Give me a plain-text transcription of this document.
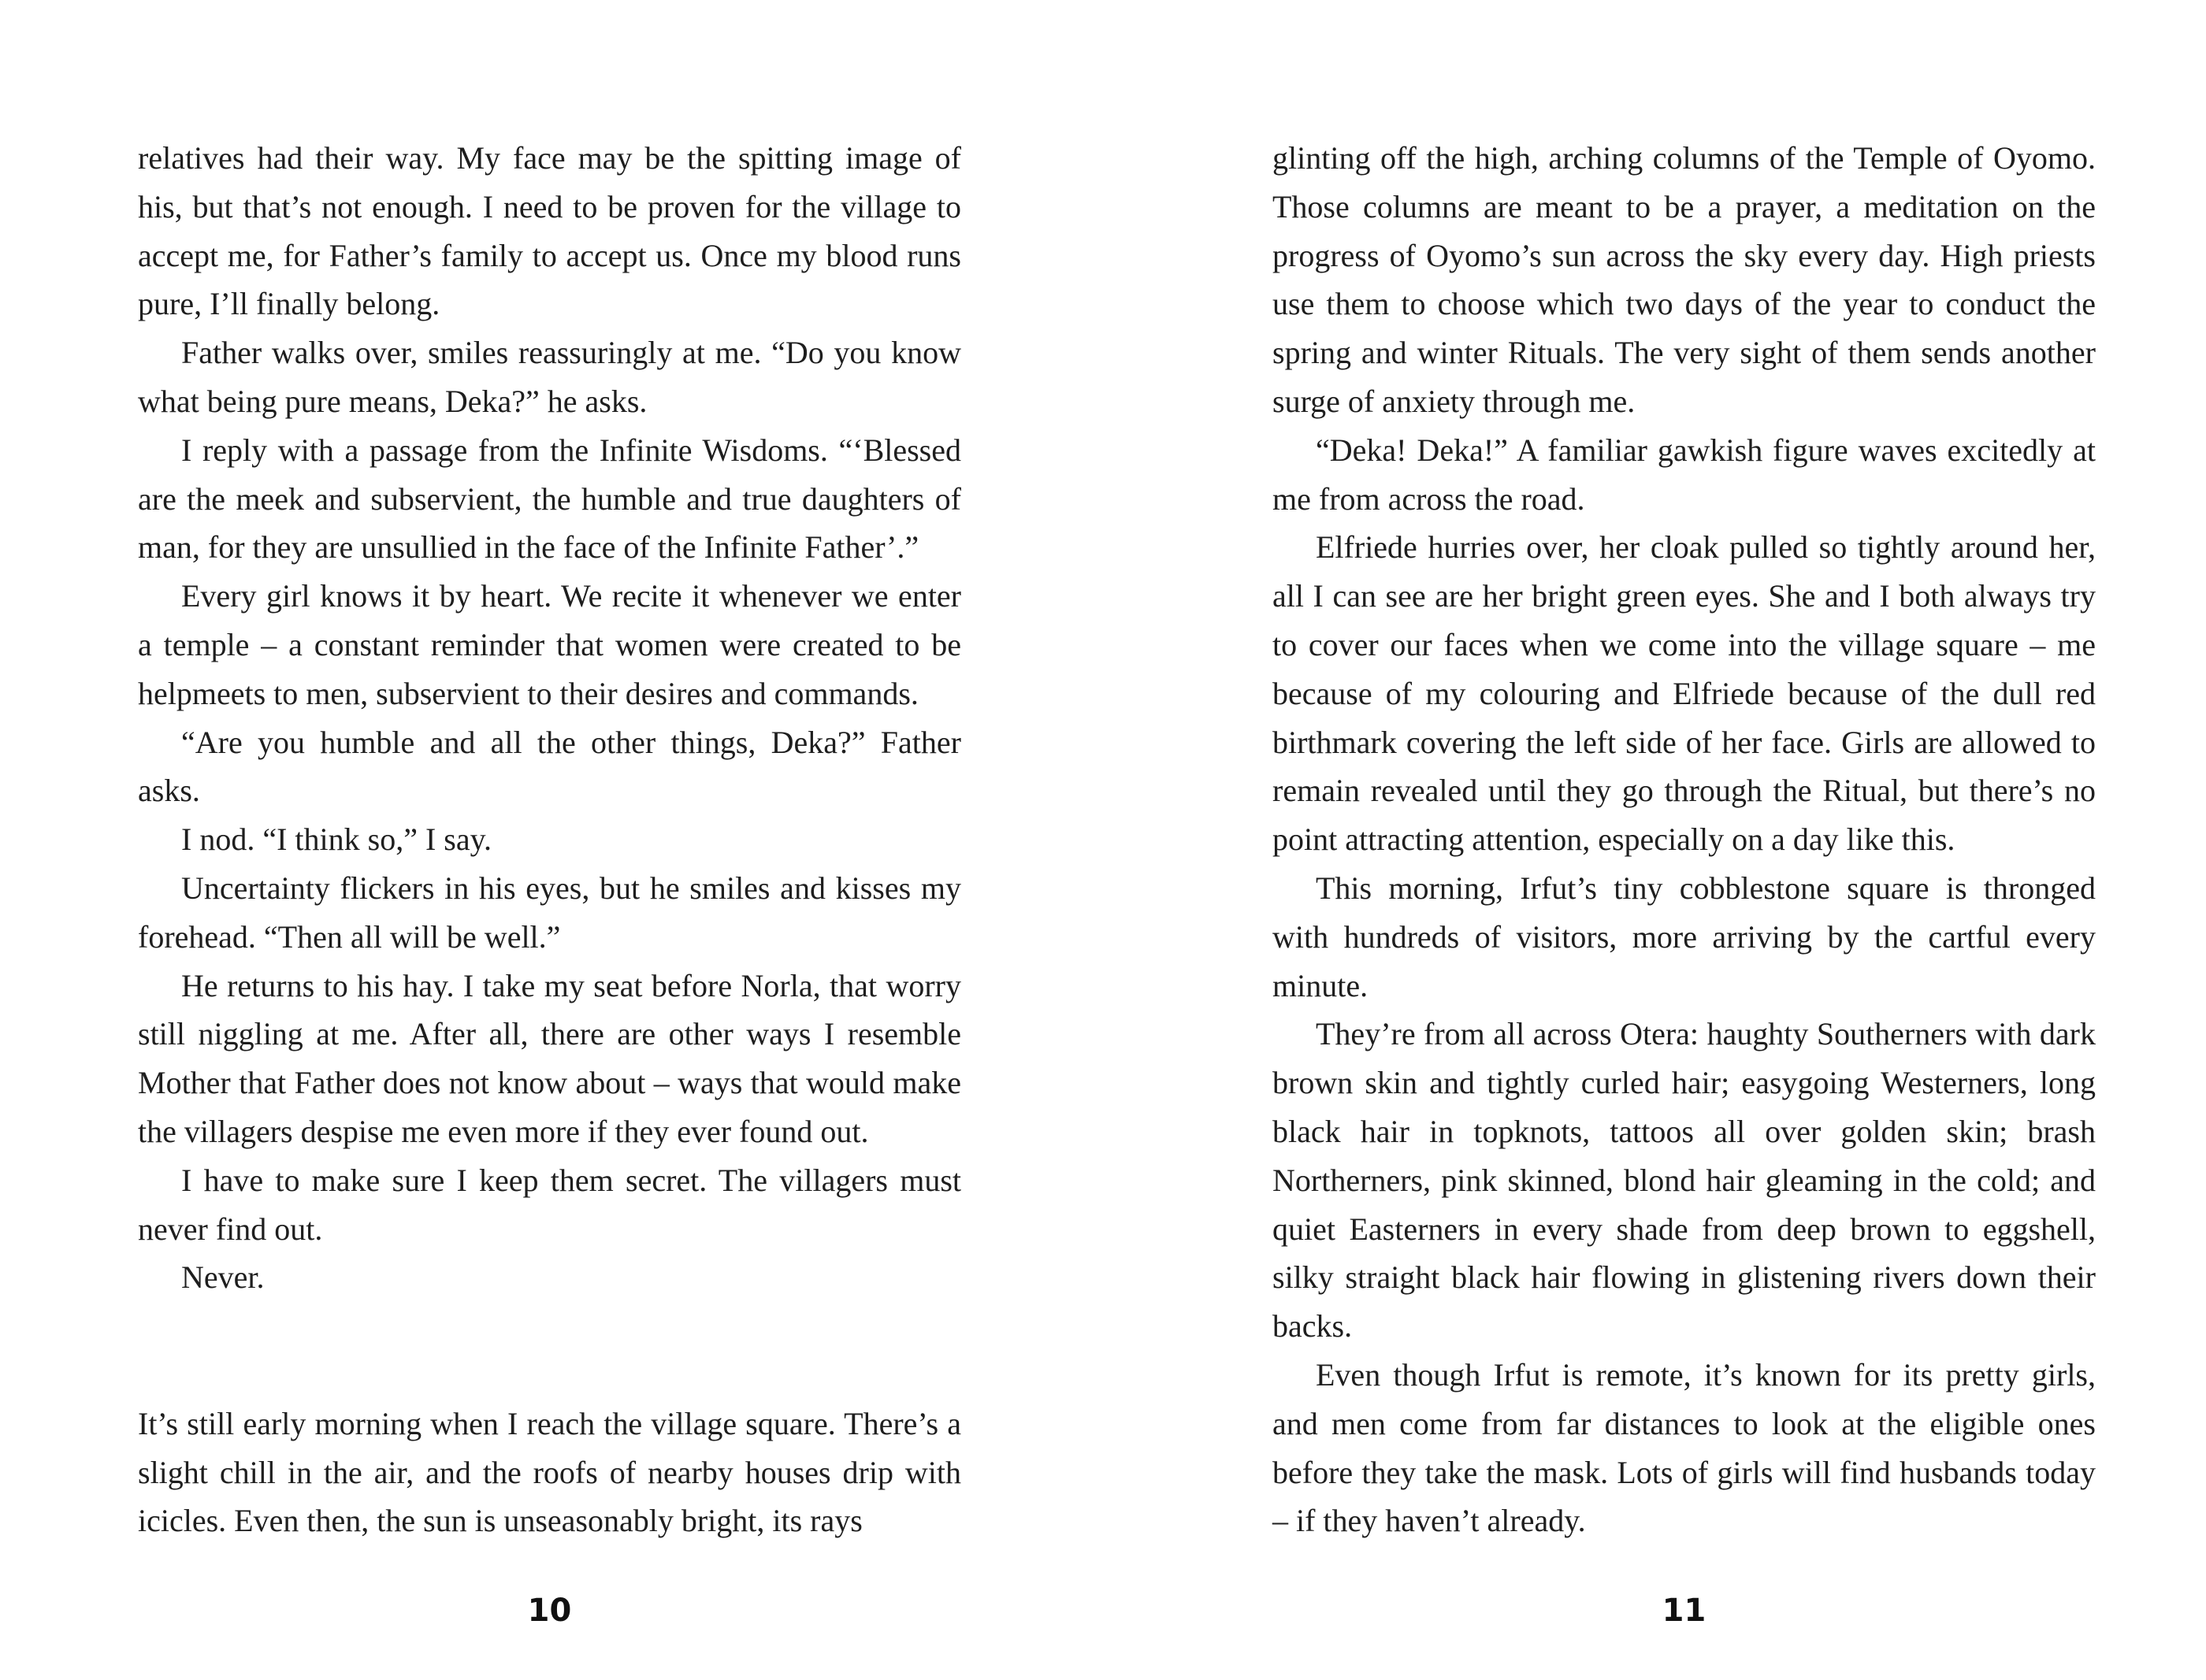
relatives had their way. My face may be the spitting image of his, but that’s not enough. I need to be proven for the village to accept me, for Father’s family to accept us. Once my blood runs pure, I’ll finally belong.

Father walks over, smiles reassuringly at me. “Do you know what being pure means, Deka?” he asks.

I reply with a passage from the Infinite Wisdoms. “‘Blessed are the meek and subservient, the humble and true daughters of man, for they are unsullied in the face of the Infinite Father’.”

Every girl knows it by heart. We recite it whenever we enter a temple – a constant reminder that women were created to be helpmeets to men, subservient to their desires and commands.

“Are you humble and all the other things, Deka?” Father asks.

I nod. “I think so,” I say.

Uncertainty flickers in his eyes, but he smiles and kisses my forehead. “Then all will be well.”

He returns to his hay. I take my seat before Norla, that worry still niggling at me. After all, there are other ways I resemble Mother that Father does not know about – ways that would make the villagers despise me even more if they ever found out.

I have to make sure I keep them secret. The villagers must never find out.

Never.

It’s still early morning when I reach the village square. There’s a slight chill in the air, and the roofs of nearby houses drip with icicles. Even then, the sun is unseasonably bright, its rays

10

glinting off the high, arching columns of the Temple of Oyomo. Those columns are meant to be a prayer, a meditation on the progress of Oyomo’s sun across the sky every day. High priests use them to choose which two days of the year to conduct the spring and winter Rituals. The very sight of them sends another surge of anxiety through me.

“Deka! Deka!” A familiar gawkish figure waves excitedly at me from across the road.

Elfriede hurries over, her cloak pulled so tightly around her, all I can see are her bright green eyes. She and I both always try to cover our faces when we come into the village square – me because of my colouring and Elfriede because of the dull red birthmark covering the left side of her face. Girls are allowed to remain revealed until they go through the Ritual, but there’s no point attracting attention, especially on a day like this.

This morning, Irfut’s tiny cobblestone square is thronged with hundreds of visitors, more arriving by the cartful every minute.

They’re from all across Otera: haughty Southerners with dark brown skin and tightly curled hair; easygoing Westerners, long black hair in topknots, tattoos all over golden skin; brash Northerners, pink skinned, blond hair gleaming in the cold; and quiet Easterners in every shade from deep brown to eggshell, silky straight black hair flowing in glistening rivers down their backs.

Even though Irfut is remote, it’s known for its pretty girls, and men come from far distances to look at the eligible ones before they take the mask. Lots of girls will find husbands today – if they haven’t already.

11
